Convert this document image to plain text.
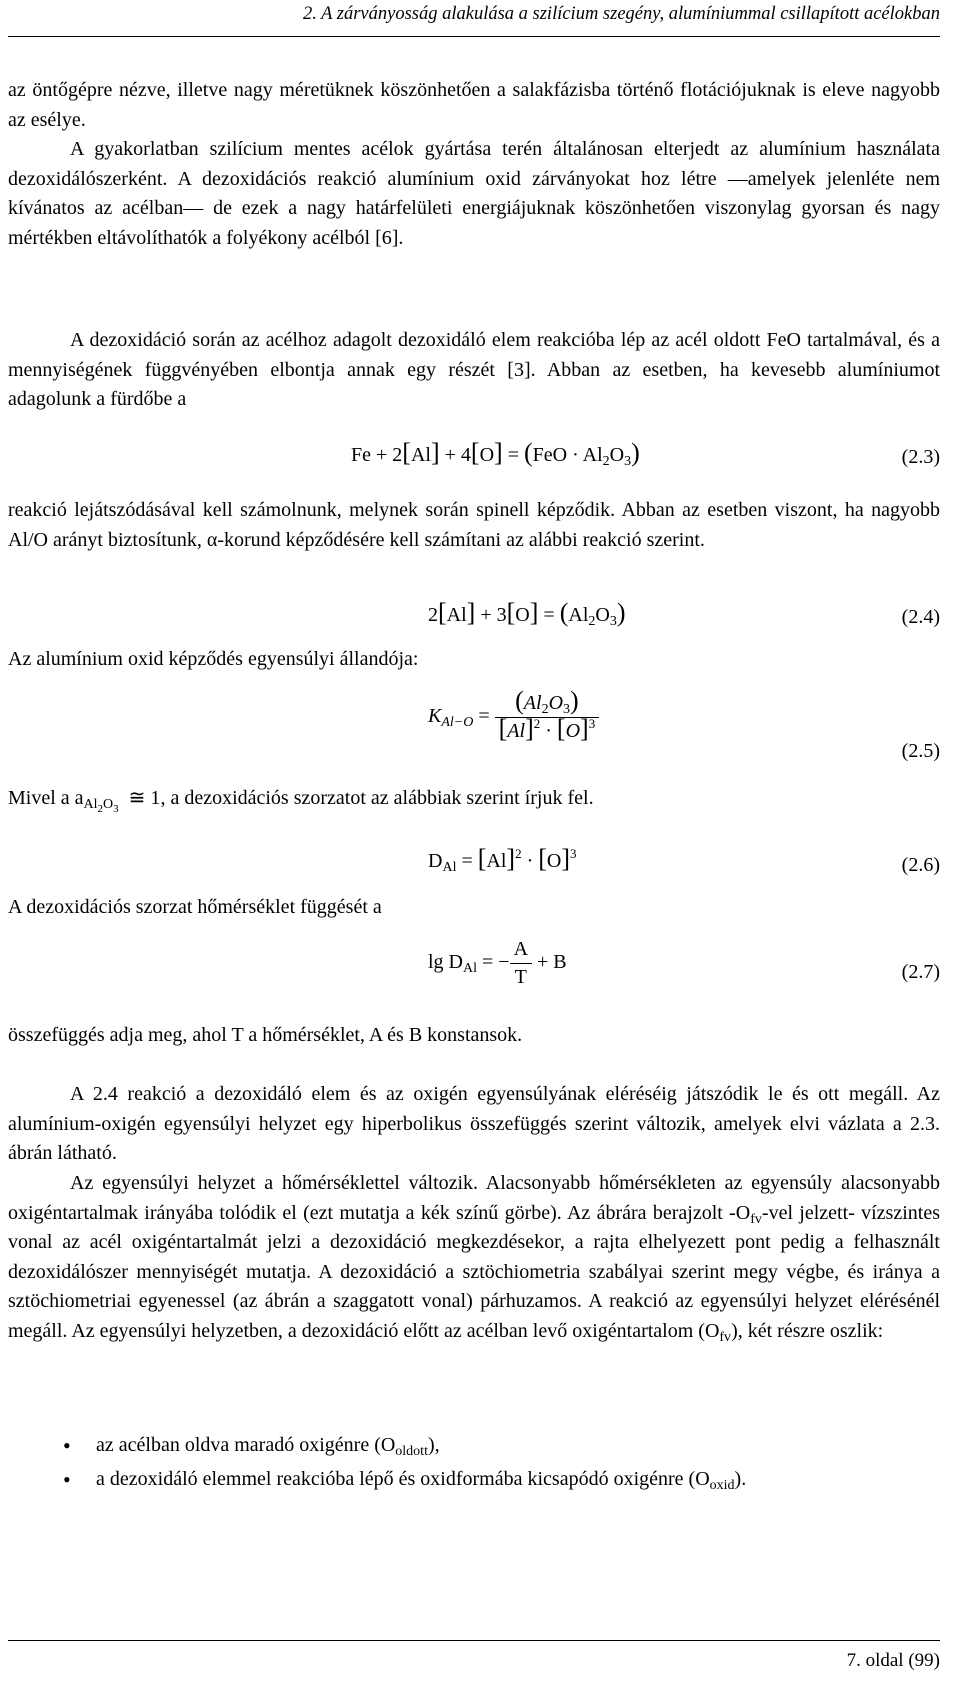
2. A zárványosság alakulása a szilícium szegény, alumíniummal csillapított acélokban
az öntőgépre nézve, illetve nagy méretüknek köszönhetően a salakfázisba történő flotációjuknak is eleve nagyobb az esélye.
A gyakorlatban szilícium mentes acélok gyártása terén általánosan elterjedt az alumínium használata dezoxidálószerként. A dezoxidációs reakció alumínium oxid zárványokat hoz létre ―amelyek jelenléte nem kívánatos az acélban― de ezek a nagy határfelületi energiájuknak köszönhetően viszonylag gyorsan és nagy mértékben eltávolíthatók a folyékony acélból [6].
A dezoxidáció során az acélhoz adagolt dezoxidáló elem reakcióba lép az acél oldott FeO tartalmával, és a mennyiségének függvényében elbontja annak egy részét [3]. Abban az esetben, ha kevesebb alumíniumot adagolunk a fürdőbe a
$Fe + 2[Al] + 4[O] = (FeO \cdot Al_2O_3)$	(2.3)
reakció lejátszódásával kell számolnunk, melynek során spinell képződik. Abban az esetben viszont, ha nagyobb Al/O arányt biztosítunk, α-korund képződésére kell számítani az alábbi reakció szerint.
$2[Al] + 3[O] = (Al_2O_3)$	(2.4)
Az alumínium oxid képződés egyensúlyi állandója:
$K_{Al-O} = \frac{(Al_2O_3)}{[Al]^2 \cdot [O]^3}$
(2.5)
Mivel a $a_{Al_2O_3}$  ≅ 1, a dezoxidációs szorzatot az alábbiak szerint írjuk fel.
$D_{Al} = [Al]^2 \cdot [O]^3$
(2.6)
A dezoxidációs szorzat hőmérséklet függését a
$\lg D_{Al}$ = − $\frac{A}{T} + B$	(2.7)
összefüggés adja meg, ahol T a hőmérséklet, A és B konstansok.
A 2.4 reakció a dezoxidáló elem és az oxigén egyensúlyának eléréséig játszódik le és ott megáll. Az alumínium-oxigén egyensúlyi helyzet egy hiperbolikus összefüggés szerint változik, amelyek elvi vázlata a 2.3. ábrán látható.
Az egyensúlyi helyzet a hőmérséklettel változik. Alacsonyabb hőmérsékleten az egyensúly alacsonyabb oxigéntartalmak irányába tolódik el (ezt mutatja a kék színű görbe). Az ábrára berajzolt $-O_{fv}$-vel jelzett- vízszintes vonal az acél oxigéntartalmát jelzi a dezoxidáció megkezdésekor, a rajta elhelyezett pont pedig a felhasznált dezoxidálószer mennyiségét mutatja. A dezoxidáció a sztöchiometria szabályai szerint megy végbe, és iránya a sztöchiometriai egyenessel (az ábrán a szaggatott vonal) párhuzamos. A reakció az egyensúlyi helyzet elérésénél megáll. Az egyensúlyi helyzetben, a dezoxidáció előtt az acélban levő oxigéntartalom $(O_{fv})$, két részre oszlik:
• az acélban oldva maradó oxigénre $(O_{oldott})$,
• a dezoxidáló elemmel reakcióba lépő és oxidformába kicsapódó oxigénre $(O_{oxid})$.
7. oldal (99)
